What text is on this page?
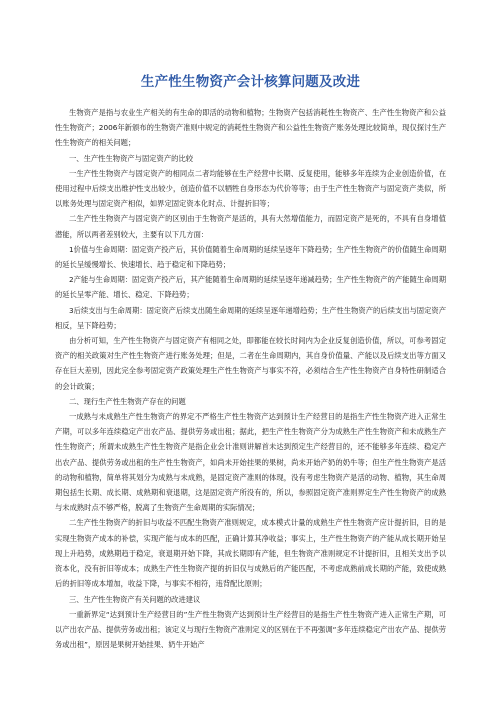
生产性生物资产会计核算问题及改进

生物资产是指与农业生产相关的有生命的即活的动物和植物；生物资产包括消耗性生物资产、生产性生物资产和公益性生物资产；2006年新颁布的生物资产准则中规定的消耗性生物资产和公益性生物资产账务处理比较简单，现仅探讨生产性生物资产的相关问题；

一、生产性生物资产与固定资产的比较

一生产性生物资产与固定资产的相同点二者均能够在生产经营中长期、反复使用，能够多年连续为企业创造价值，在使用过程中后续支出维护性支出较少，创造价值不以牺牲自身形态为代价等等；由于生产性生物资产与固定资产类似，所以账务处理与固定资产相似，如界定固定资本化时点、计提折旧等；

二生产性生物资产与固定资产的区别由于生物资产是活的，具有大然增值能力，而固定资产是死的，不具有自身增值潜能，所以两者差别较大，主要有以下几方面：

1价值与生命周期：固定资产投产后，其价值随着生命周期的延续呈逐年下降趋势；生产性生物资产的价值随生命周期的延长呈缓慢增长、快速增长、趋于稳定和下降趋势；

2产能与生命周期：固定资产投产后，其产能随着生命周期的延续呈逐年递减趋势；生产性生物资产的产能随生命周期的延长呈零产能、增长、稳定、下降趋势；

3后续支出与生命周期：固定资产后续支出随生命周期的延续呈逐年递增趋势；生产性生物资产的后续支出与固定资产相反，呈下降趋势；

由分析可知，生产性生物资产与固定资产有相同之处，即都能在较长时间内为企业反复创造价值，所以，可参考固定资产的相关政策对生产性生物资产进行账务处理；但是，二者在生命周期内，其自身价值量、产能以及后续支出等方面又存在巨大差别，因此完全参考固定资产政策处理生产性生物资产与事实不符，必须结合生产性生物资产自身特性研制适合的会计政策；

二、现行生产性生物资产存在的问题

一成熟与未成熟生产性生物资产的界定不严格生产性生物资产达到预计生产经营目的是指生产性生物资产进入正常生产期，可以多年连续稳定产出农产品、提供劳务或出租；据此，把生产性生物资产分为成熟生产性生物资产和未成熟生产性生物资产；所谓未成熟生产性生物资产是指企业会计准则讲解首未达到预定生产经营目的，还不能够多年连续、稳定产出农产品、提供劳务或出租的生产性生物资产，如尚未开始挂果的果树，尚未开始产奶的奶牛等；但生产性生物资产是活的动物和植物，简单将其划分为成熟与未成熟，是固定资产准则的体现，没有考虑生物资产是活的动物、植物，其生命周期包括生长期、成长期、成熟期和衰退期，这是固定资产所没有的，所以，参照固定资产准则界定生产性生物资产的成熟与未成熟时点不够严格，脱离了生物资产生命周期的实际情况；

二生产性生物资产的折旧与收益不匹配生物资产准则规定，成本模式计量的成熟生产性生物资产应计提折旧，目的是实现生物资产成本的补偿，实现产能与成本的匹配，正确计算其净收益；事实上，生产性生物资产的产能从成长期开始呈现上升趋势，成熟期趋于稳定，衰退期开始下降，其成长期即有产能，但生物资产准则规定不计提折旧，且相关支出予以资本化，没有折旧等成本；成熟生产性生物资产提的折旧仅与成熟后的产能匹配，不考虑成熟前成长期的产能，致使成熟后的折旧等成本增加，收益下降，与事实不相符，违背配比原则；

三、生产性生物资产有关问题的改进建议

一重新界定“达到预计生产经营目的”生产性生物资产达到预计生产经营目的是指生产性生物资产进入正常生产期，可以产出农产品、提供劳务或出租；该定义与现行生物资产准则定义的区别在于不再强调“多年连续稳定产出农产品、提供劳务或出租”，原因是果树开始挂果、奶牛开始产
